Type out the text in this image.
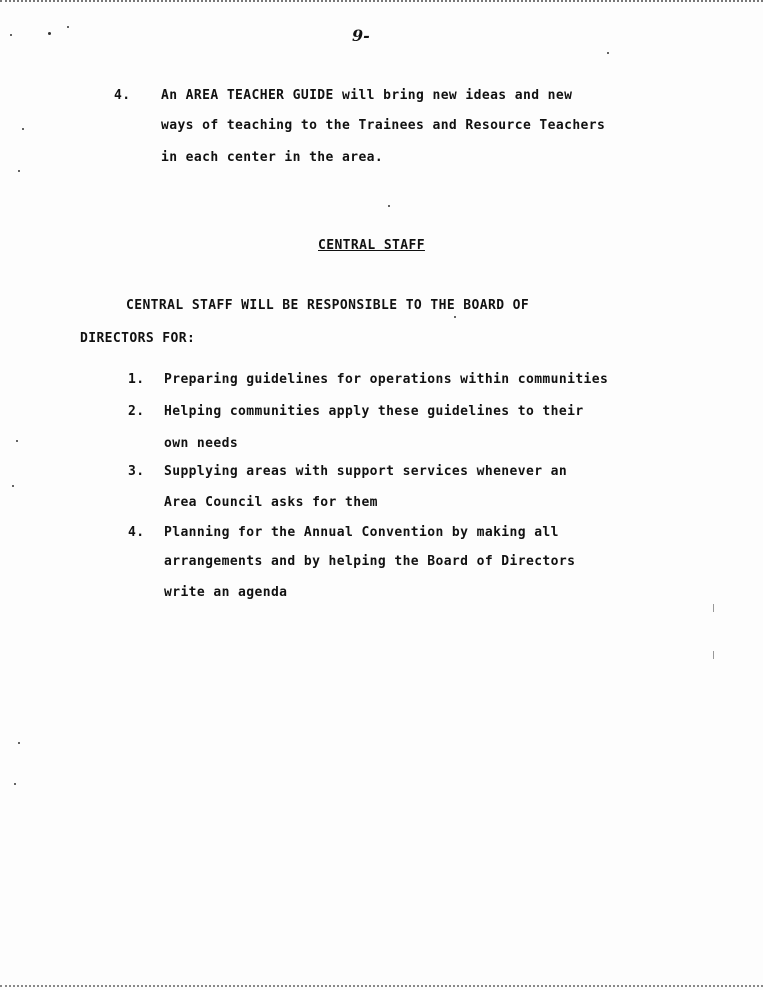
9-
4. An AREA TEACHER GUIDE will bring new ideas and new
ways of teaching to the Trainees and Resource Teachers
in each center in the area.
CENTRAL STAFF
CENTRAL STAFF WILL BE RESPONSIBLE TO THE BOARD OF
DIRECTORS FOR:
1. Preparing guidelines for operations within communities
2. Helping communities apply these guidelines to their
own needs
3. Supplying areas with support services whenever an
Area Council asks for them
4. Planning for the Annual Convention by making all
arrangements and by helping the Board of Directors
write an agenda
